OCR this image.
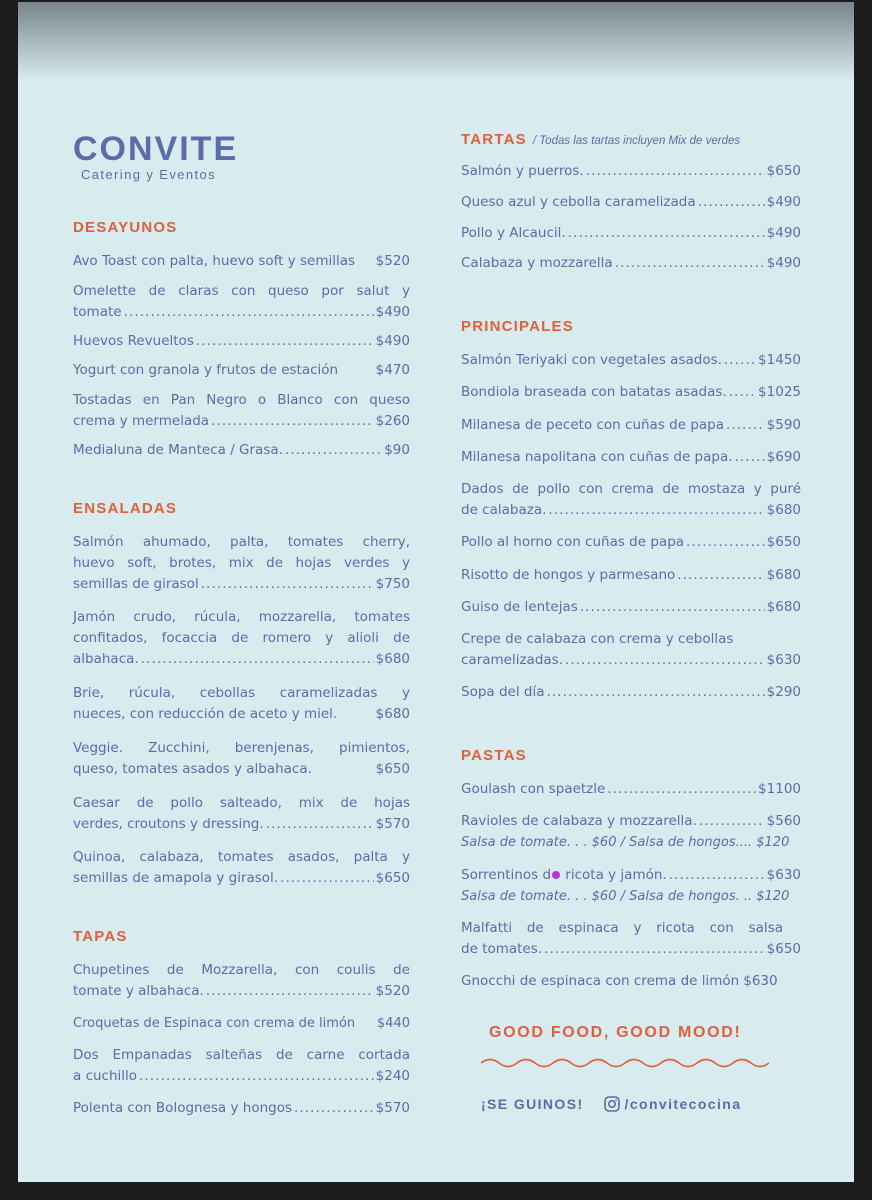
CONVITE
Catering y Eventos
DESAYUNOS
Avo Toast con palta, huevo soft y semillas $520
Omelette de claras con queso por salut y
tomate . . .	$490
Huevos Revueltos . . .	$490
Yogurt con granola y frutos de estación	$470
Tostadas en Pan Negro o Blanco con queso
crema y mermelada . . .	$260
Medialuna de Manteca / Grasa. . . .	$90
ENSALADAS
Salmón ahumado, palta, tomates cherry,
huevo soft, brotes, mix de hojas verdes y
semillas de girasol . . .	$750
Jamón crudo, rúcula, mozzarella, tomates
confitados, focaccia de romero y alioli de
albahaca. . . .	$680
Brie, rúcula, cebollas caramelizadas y
nueces, con reducción de aceto y miel.	$680
Veggie. Zucchini, berenjenas, pimientos,
queso, tomates asados y albahaca.	$650
Caesar de pollo salteado, mix de hojas
verdes, croutons y dressing. . . .	$570
Quinoa, calabaza, tomates asados, palta y
semillas de amapola y girasol. . . .	$650
TAPAS
Chupetines de Mozzarella, con coulis de
tomate y albahaca. . . .	$520
Croquetas de Espinaca con crema de limón $440
Dos Empanadas salteñas de carne cortada
a cuchillo . . .	$240
Polenta con Bolognesa y hongos . . .	$570
TARTAS / Todas las tartas incluyen Mix de verdes
Salmón y puerros. . . .	$650
Queso azul y cebolla caramelizada . . .	$490
Pollo y Alcaucil. . . .	$490
Calabaza y mozzarella . . .	$490
PRINCIPALES
Salmón Teriyaki con vegetales asados. . . .	$1450
Bondiola braseada con batatas asadas. . . . $1025
Milanesa de peceto con cuñas de papa . . .	$590
Milanesa napolitana con cuñas de papa. . . .	$690
Dados de pollo con crema de mostaza y puré
de calabaza. . . .	$680
Pollo al horno con cuñas de papa . . .	$650
Risotto de hongos y parmesano . . .	$680
Guiso de lentejas . . .	$680
Crepe de calabaza con crema y cebollas
caramelizadas. . . .	$630
Sopa del día . . .	$290
PASTAS
Goulash con spaetzle . . .	$1100
Ravioles de calabaza y mozzarella. . . .	$560
Salsa de tomate. . . $60 / Salsa de hongos.... $120
Sorrentinos d ricota y jamón. . . .	$630
Salsa de tomate. . . $60 / Salsa de hongos. .. $120
Malfatti de espinaca y ricota con salsa
de tomates. . . .	$650
Gnocchi de espinaca con crema de limón $630
GOOD FOOD, GOOD MOOD!
¡SE GUINOS!	/convitecocina
